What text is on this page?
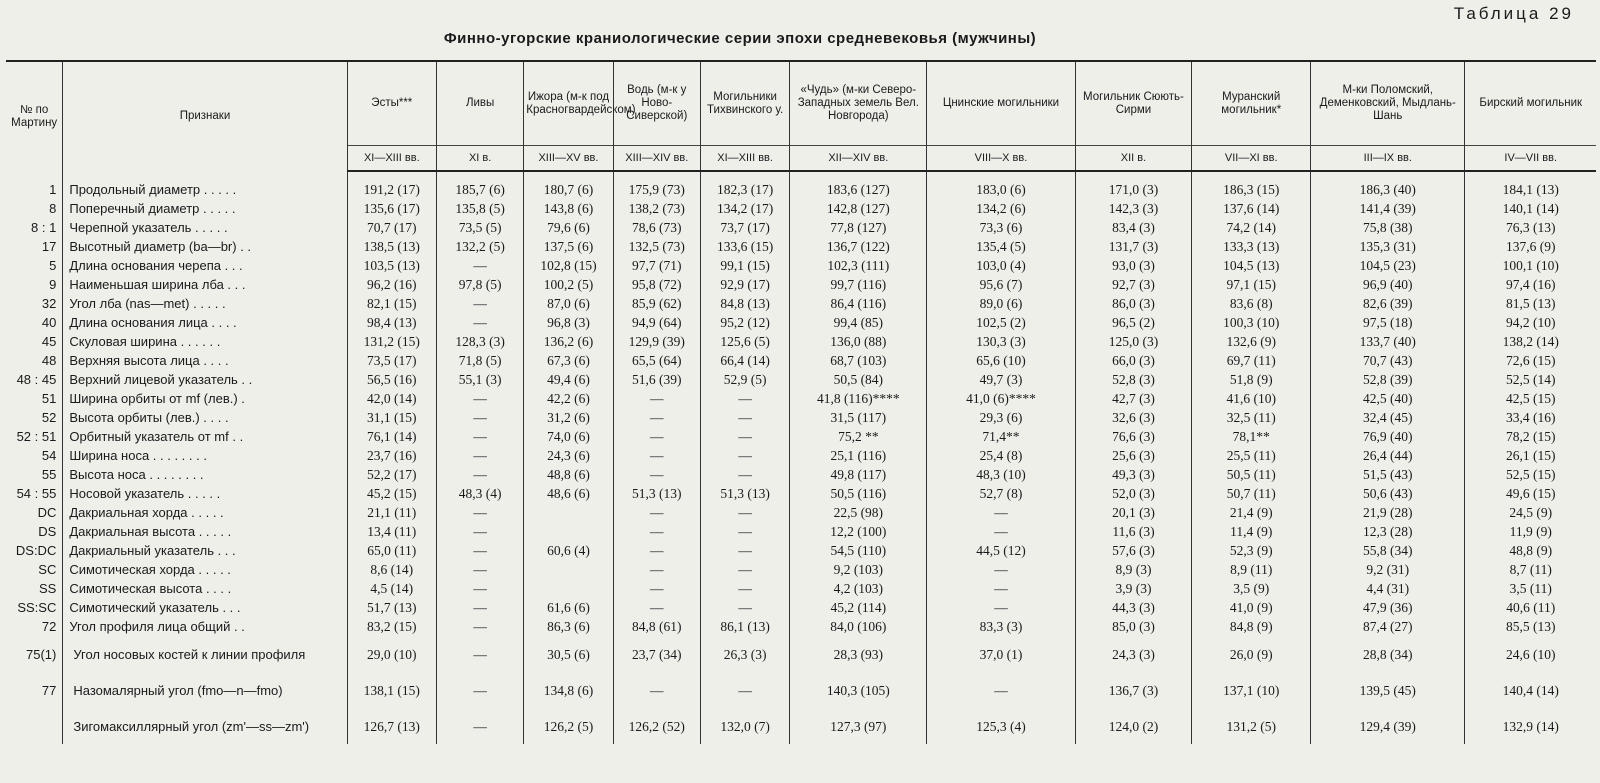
Таблица 29
Финно-угорские краниологические серии эпохи средневековья (мужчины)
№ по Мартину	Признаки	Эсты***	Ливы	Ижора (м-к под Красногвардейском)	Водь (м-к у Ново-Сиверской)	Могильники Тихвинского у.	«Чудь» (м-ки Северо-Западных земель Вел. Новгорода)	Цнинские могильники	Могильник Сюють-Сирми	Муранский могильник*	М-ки Поломский, Деменковский, Мыдлань-Шань	Бирский могильник
		XI—XIII вв.	XI в.	XIII—XV вв.	XIII—XIV вв.	XI—XIII вв.	XII—XIV вв.	VIII—X вв.	XII в.	VII—XI вв.	III—IX вв.	IV—VII вв.
1	Продольный диаметр . . . . .	191,2 (17)	185,7 (6)	180,7 (6)	175,9 (73)	182,3 (17)	183,6 (127)	183,0 (6)	171,0 (3)	186,3 (15)	186,3 (40)	184,1 (13)
8	Поперечный диаметр . . . . .	135,6 (17)	135,8 (5)	143,8 (6)	138,2 (73)	134,2 (17)	142,8 (127)	134,2 (6)	142,3 (3)	137,6 (14)	141,4 (39)	140,1 (14)
8 : 1	Черепной указатель . . . . .	70,7 (17)	73,5 (5)	79,6 (6)	78,6 (73)	73,7 (17)	77,8 (127)	73,3 (6)	83,4 (3)	74,2 (14)	75,8 (38)	76,3 (13)
17	Высотный диаметр (ba—br) . .	138,5 (13)	132,2 (5)	137,5 (6)	132,5 (73)	133,6 (15)	136,7 (122)	135,4 (5)	131,7 (3)	133,3 (13)	135,3 (31)	137,6 (9)
5	Длина основания черепа . . .	103,5 (13)	—	102,8 (15)	97,7 (71)	99,1 (15)	102,3 (111)	103,0 (4)	93,0 (3)	104,5 (13)	104,5 (23)	100,1 (10)
9	Наименьшая ширина лба . . .	96,2 (16)	97,8 (5)	100,2 (5)	95,8 (72)	92,9 (17)	99,7 (116)	95,6 (7)	92,7 (3)	97,1 (15)	96,9 (40)	97,4 (16)
32	Угол лба (nas—met) . . . . .	82,1 (15)	—	87,0 (6)	85,9 (62)	84,8 (13)	86,4 (116)	89,0 (6)	86,0 (3)	83,6 (8)	82,6 (39)	81,5 (13)
40	Длина основания лица . . . .	98,4 (13)	—	96,8 (3)	94,9 (64)	95,2 (12)	99,4 (85)	102,5 (2)	96,5 (2)	100,3 (10)	97,5 (18)	94,2 (10)
45	Скуловая ширина . . . . . .	131,2 (15)	128,3 (3)	136,2 (6)	129,9 (39)	125,6 (5)	136,0 (88)	130,3 (3)	125,0 (3)	132,6 (9)	133,7 (40)	138,2 (14)
48	Верхняя высота лица . . . .	73,5 (17)	71,8 (5)	67,3 (6)	65,5 (64)	66,4 (14)	68,7 (103)	65,6 (10)	66,0 (3)	69,7 (11)	70,7 (43)	72,6 (15)
48 : 45	Верхний лицевой указатель . .	56,5 (16)	55,1 (3)	49,4 (6)	51,6 (39)	52,9 (5)	50,5 (84)	49,7 (3)	52,8 (3)	51,8 (9)	52,8 (39)	52,5 (14)
51	Ширина орбиты от mf (лев.) .	42,0 (14)	—	42,2 (6)	—	—	41,8 (116)****	41,0 (6)****	42,7 (3)	41,6 (10)	42,5 (40)	42,5 (15)
52	Высота орбиты (лев.) . . . .	31,1 (15)	—	31,2 (6)	—	—	31,5 (117)	29,3 (6)	32,6 (3)	32,5 (11)	32,4 (45)	33,4 (16)
52 : 51	Орбитный указатель от mf . .	76,1 (14)	—	74,0 (6)	—	—	75,2 **	71,4**	76,6 (3)	78,1**	76,9 (40)	78,2 (15)
54	Ширина носа . . . . . . . .	23,7 (16)	—	24,3 (6)	—	—	25,1 (116)	25,4 (8)	25,6 (3)	25,5 (11)	26,4 (44)	26,1 (15)
55	Высота носа . . . . . . . .	52,2 (17)	—	48,8 (6)	—	—	49,8 (117)	48,3 (10)	49,3 (3)	50,5 (11)	51,5 (43)	52,5 (15)
54 : 55	Носовой указатель . . . . .	45,2 (15)	48,3 (4)	48,6 (6)	51,3 (13)	51,3 (13)	50,5 (116)	52,7 (8)	52,0 (3)	50,7 (11)	50,6 (43)	49,6 (15)
DC	Дакриальная хорда . . . . .	21,1 (11)	—		—	—	22,5 (98)	—	20,1 (3)	21,4 (9)	21,9 (28)	24,5 (9)
DS	Дакриальная высота . . . . .	13,4 (11)	—		—	—	12,2 (100)	—	11,6 (3)	11,4 (9)	12,3 (28)	11,9 (9)
DS:DC	Дакриальный указатель . . .	65,0 (11)	—	60,6 (4)	—	—	54,5 (110)	44,5 (12)	57,6 (3)	52,3 (9)	55,8 (34)	48,8 (9)
SC	Симотическая хорда . . . . .	8,6 (14)	—		—	—	9,2 (103)	—	8,9 (3)	8,9 (11)	9,2 (31)	8,7 (11)
SS	Симотическая высота . . . .	4,5 (14)	—		—	—	4,2 (103)	—	3,9 (3)	3,5 (9)	4,4 (31)	3,5 (11)
SS:SC	Симотический указатель . . .	51,7 (13)	—	61,6 (6)	—	—	45,2 (114)	—	44,3 (3)	41,0 (9)	47,9 (36)	40,6 (11)
72	Угол профиля лица общий . .	83,2 (15)	—	86,3 (6)	84,8 (61)	86,1 (13)	84,0 (106)	83,3 (3)	85,0 (3)	84,8 (9)	87,4 (27)	85,5 (13)
75(1)	Угол носовых костей к линии профиля	29,0 (10)	—	30,5 (6)	23,7 (34)	26,3 (3)	28,3 (93)	37,0 (1)	24,3 (3)	26,0 (9)	28,8 (34)	24,6 (10)
77	Назомалярный угол (fmo—n—fmo)	138,1 (15)	—	134,8 (6)	—	—	140,3 (105)	—	136,7 (3)	137,1 (10)	139,5 (45)	140,4 (14)
	Зигомаксиллярный угол (zm'—ss—zm')	126,7 (13)	—	126,2 (5)	126,2 (52)	132,0 (7)	127,3 (97)	125,3 (4)	124,0 (2)	131,2 (5)	129,4 (39)	132,9 (14)
